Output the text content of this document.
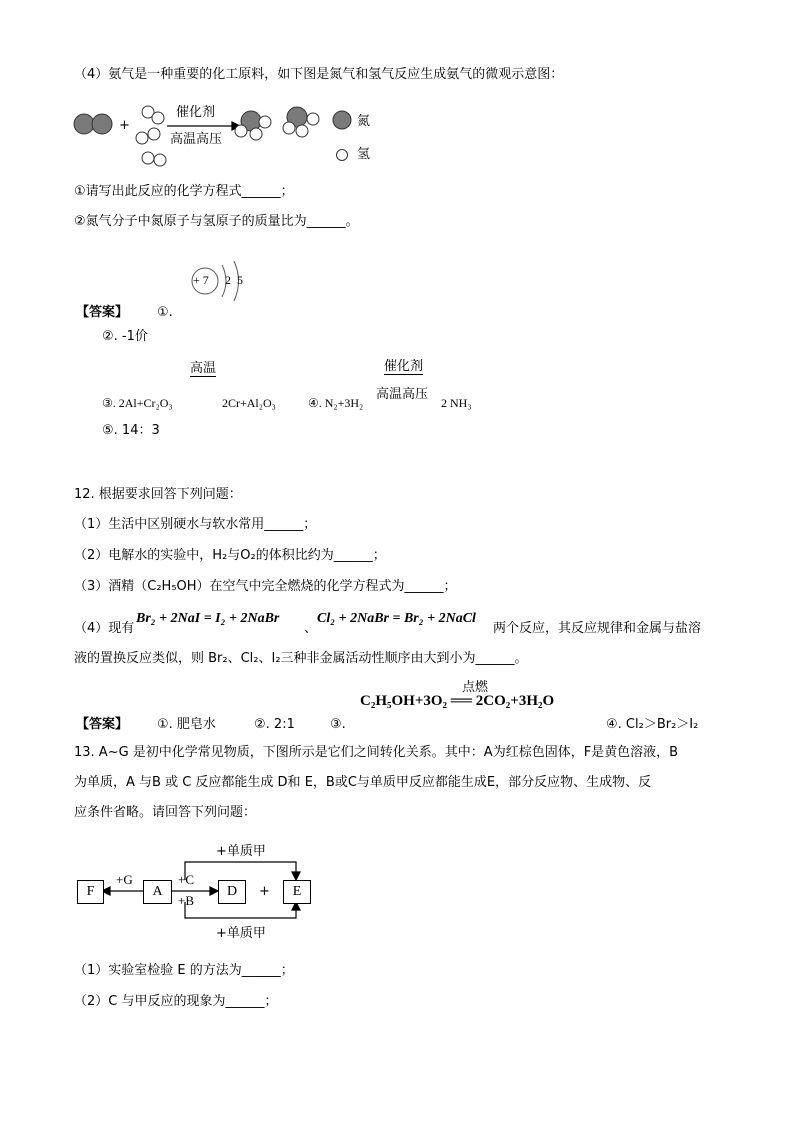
（4）氨气是一种重要的化工原料，如下图是氮气和氢气反应生成氨气的微观示意图：
+
催化剂
高温高压
氮
氢
①请写出此反应的化学方程式______；
②氮气分子中氮原子与氢原子的质量比为______。
+ 7 2 5
【答案】 ①.
②. -1价
高温	催化剂
高温高压
③. 2Al+Cr₂O₃	2Cr+Al₂O₃	④. N₂+3H₂	2 NH₃
⑤. 14：3
12. 根据要求回答下列问题：
（1）生活中区别硬水与软水常用______；
（2）电解水的实验中，H₂与O₂的体积比约为______；
（3）酒精（C₂H₅OH）在空气中完全燃烧的化学方程式为______；
（4）现有
Br₂ + 2NaI = I₂ + 2NaBr
、
Cl₂ + 2NaBr = Br₂ + 2NaCl
两个反应，其反应规律和金属与盐溶
液的置换反应类似，则 Br₂、Cl₂、I₂三种非金属活动性顺序由大到小为______。
点燃
C₂H₅OH+3O₂ ══ 2CO₂+3H₂O
【答案】 ①. 肥皂水	②. 2:1	③.	④. Cl₂＞Br₂＞I₂
13. A~G 是初中化学常见物质，下图所示是它们之间转化关系。其中：A为红棕色固体，F是黄色溶液，B
为单质，A 与B 或 C 反应都能生成 D和 E，B或C与单质甲反应都能生成E，部分反应物、生成物、反
应条件省略。请回答下列问题：
+单质甲
+G	+C
+B
+
+单质甲
F	A	D	E
（1）实验室检验 E 的方法为______；
（2）C 与甲反应的现象为______；
